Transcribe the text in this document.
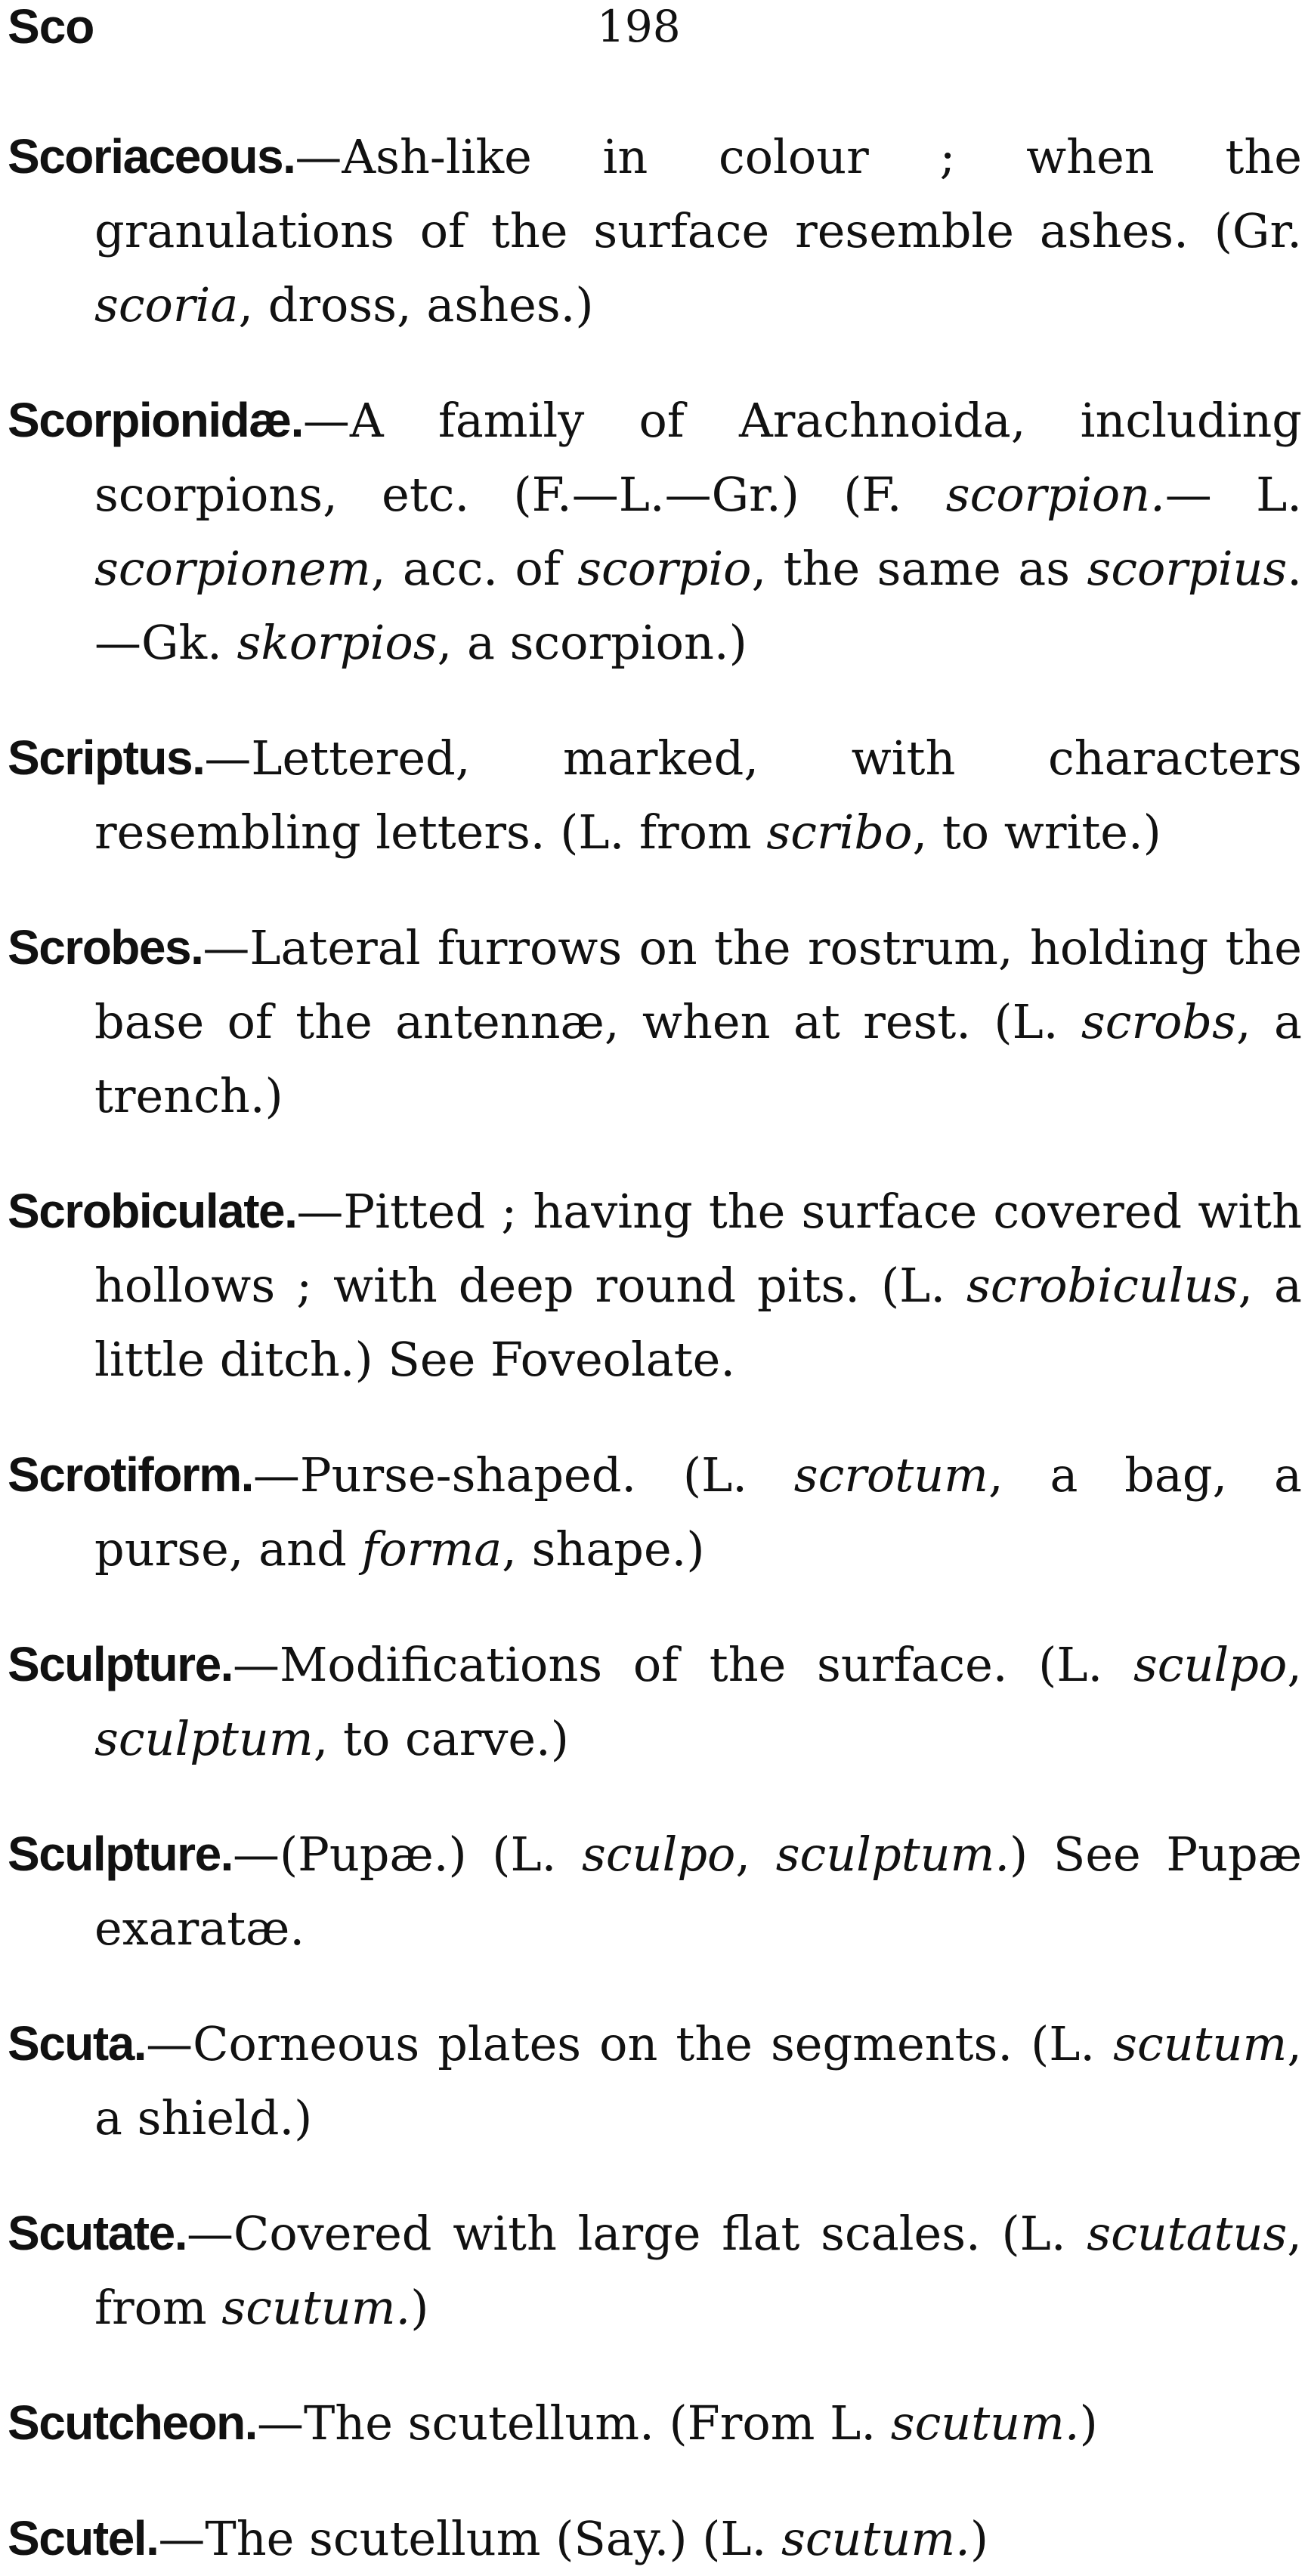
Sco	198

Scoriaceous.—Ash-like in colour ; when the granulations of the surface resemble ashes. (Gr. scoria, dross, ashes.)

Scorpionidæ.—A family of Arachnoida, including scorpions, etc. (F.—L.—Gr.) (F. scorpion.— L. scorpionem, acc. of scorpio, the same as scorpius.—Gk. skorpios, a scorpion.)

Scriptus.—Lettered, marked, with characters resembling letters. (L. from scribo, to write.)

Scrobes.—Lateral furrows on the rostrum, holding the base of the antennæ, when at rest. (L. scrobs, a trench.)

Scrobiculate.—Pitted ; having the surface covered with hollows ; with deep round pits. (L. scrobiculus, a little ditch.) See Foveolate.

Scrotiform.—Purse-shaped. (L. scrotum, a bag, a purse, and forma, shape.)

Sculpture.—Modifications of the surface. (L. sculpo, sculptum, to carve.)

Sculpture.—(Pupæ.) (L. sculpo, sculptum.) See Pupæ exaratæ.

Scuta.—Corneous plates on the segments. (L. scutum, a shield.)

Scutate.—Covered with large flat scales. (L. scutatus, from scutum.)

Scutcheon.—The scutellum. (From L. scutum.)

Scutel.—The scutellum (Say.) (L. scutum.)
